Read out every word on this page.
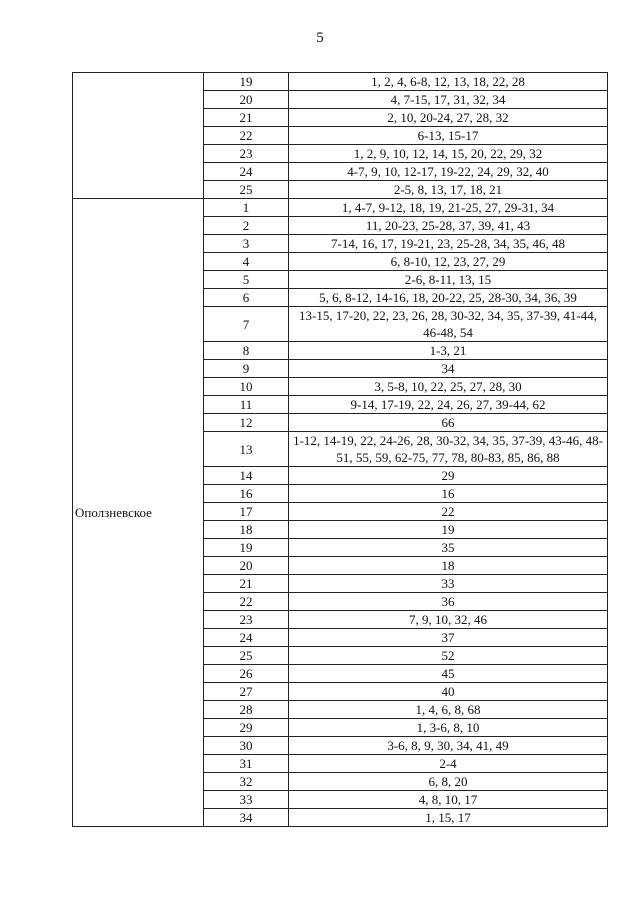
5
	19	1, 2, 4, 6-8, 12, 13, 18, 22, 28
	20	4, 7-15, 17, 31, 32, 34
	21	2, 10, 20-24, 27, 28, 32
	22	6-13, 15-17
	23	1, 2, 9, 10, 12, 14, 15, 20, 22, 29, 32
	24	4-7, 9, 10, 12-17, 19-22, 24, 29, 32, 40
	25	2-5, 8, 13, 17, 18, 21
Оползневское	1	1, 4-7, 9-12, 18, 19, 21-25, 27, 29-31, 34
	2	11, 20-23, 25-28, 37, 39, 41, 43
	3	7-14, 16, 17, 19-21, 23, 25-28, 34, 35, 46, 48
	4	6, 8-10, 12, 23, 27, 29
	5	2-6, 8-11, 13, 15
	6	5, 6, 8-12, 14-16, 18, 20-22, 25, 28-30, 34, 36, 39
	7	13-15, 17-20, 22, 23, 26, 28, 30-32, 34, 35, 37-39, 41-44, 46-48, 54
	8	1-3, 21
	9	34
	10	3, 5-8, 10, 22, 25, 27, 28, 30
	11	9-14, 17-19, 22, 24, 26, 27, 39-44, 62
	12	66
	13	1-12, 14-19, 22, 24-26, 28, 30-32, 34, 35, 37-39, 43-46, 48-51, 55, 59, 62-75, 77, 78, 80-83, 85, 86, 88
	14	29
	16	16
	17	22
	18	19
	19	35
	20	18
	21	33
	22	36
	23	7, 9, 10, 32, 46
	24	37
	25	52
	26	45
	27	40
	28	1, 4, 6, 8, 68
	29	1, 3-6, 8, 10
	30	3-6, 8, 9, 30, 34, 41, 49
	31	2-4
	32	6, 8, 20
	33	4, 8, 10, 17
	34	1, 15, 17
